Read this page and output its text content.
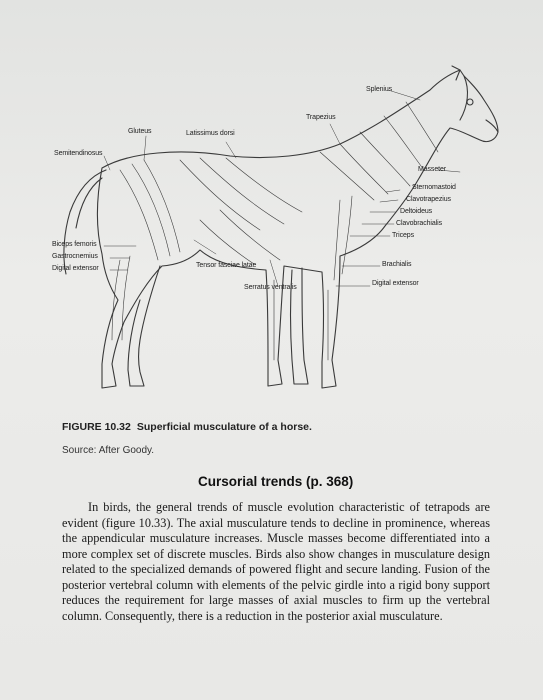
Splenius
Trapezius
Gluteus	Latissimus dorsi
Semitendinosus
Masseter
Sternomastoid
Clavotrapezius
Deltoideus
Clavobrachialis
Triceps
Brachialis
Digital extensor
Biceps femoris
Gastrocnemius
Digital extensor	Tensor fasciae latae
Serratus ventralis
FIGURE 10.32 Superficial musculature of a horse.
Source: After Goody.
Cursorial trends (p. 368)

In birds, the general trends of muscle evolution characteristic of tetrapods are evident (figure 10.33). The axial musculature tends to decline in prominence, whereas the appendicular musculature increases. Muscle masses become differentiated into a more complex set of discrete muscles. Birds also show changes in musculature design related to the specialized demands of powered flight and secure landing. Fusion of the posterior vertebral column with elements of the pelvic girdle into a rigid bony support reduces the requirement for large masses of axial muscles to firm up the vertebral column. Consequently, there is a reduction in the posterior axial musculature.
